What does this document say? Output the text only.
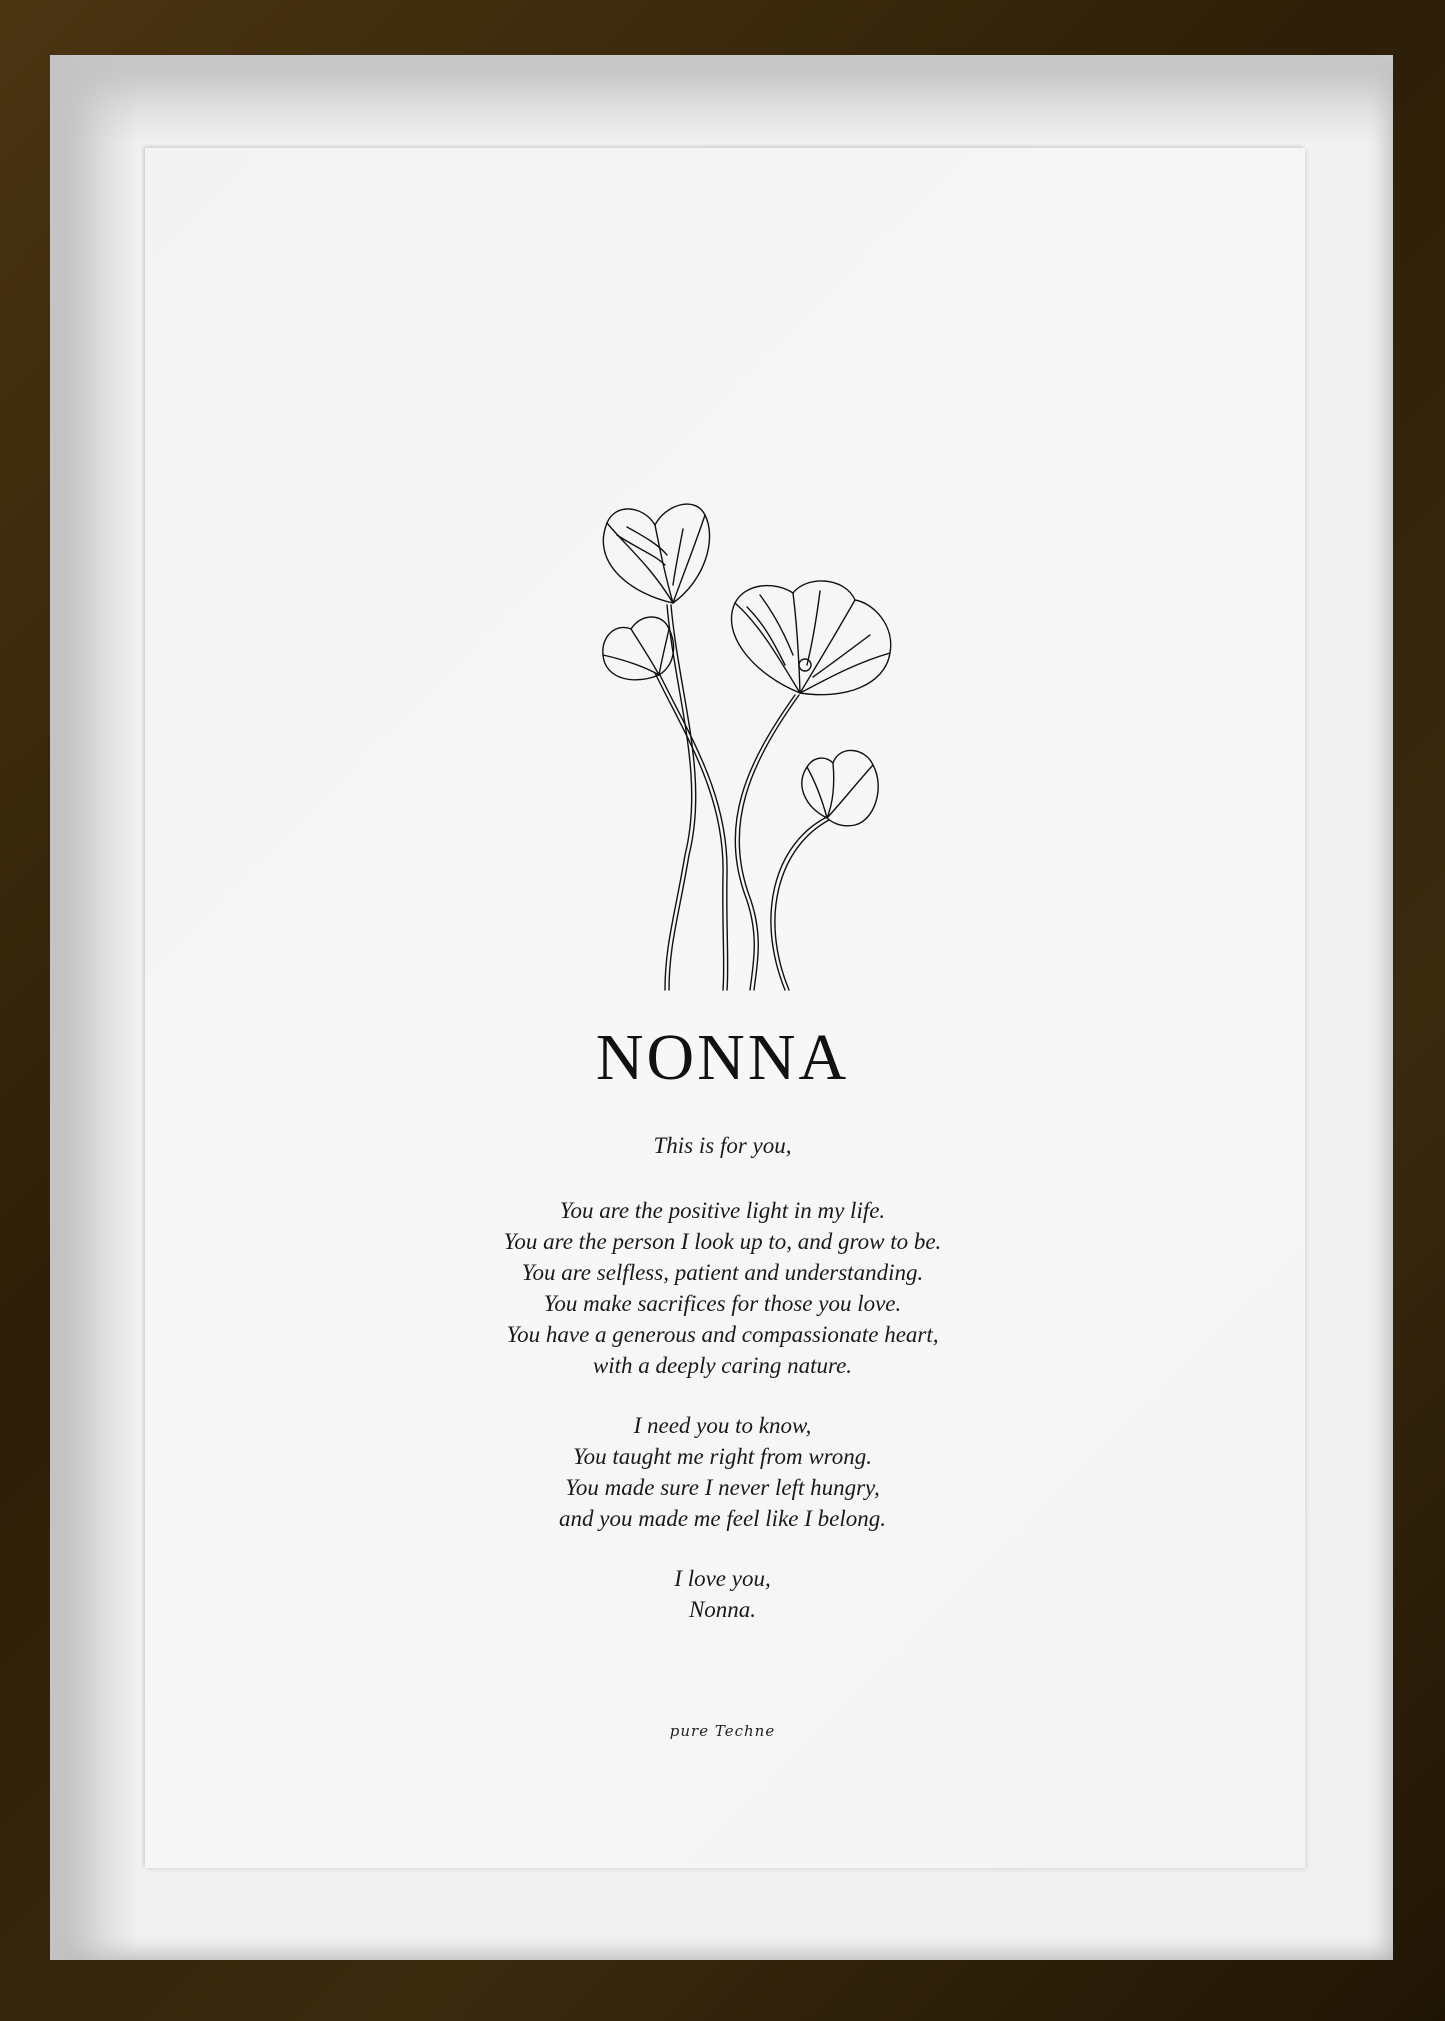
NONNA
This is for you,
You are the positive light in my life.
You are the person I look up to, and grow to be.
You are selfless, patient and understanding.
You make sacrifices for those you love.
You have a generous and compassionate heart,
with a deeply caring nature.
I need you to know,
You taught me right from wrong.
You made sure I never left hungry,
and you made me feel like I belong.
I love you,
Nonna.
pure Techne
